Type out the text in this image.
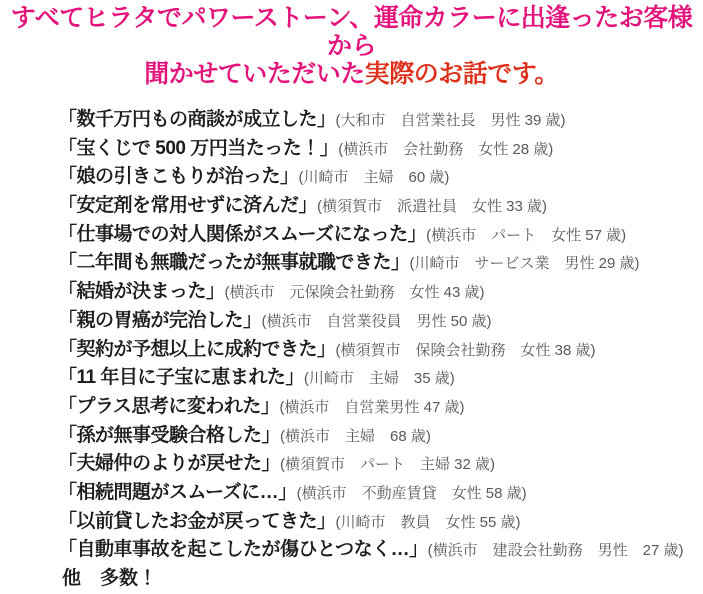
すべてヒラタでパワーストーン、運命カラーに出逢ったお客様から
聞かせていただいた実際のお話です。
「数千万円もの商談が成立した」(大和市　自営業社長　男性 39 歳)
「宝くじで 500 万円当たった！」(横浜市　会社勤務　女性 28 歳)
「娘の引きこもりが治った」(川崎市　主婦　60 歳)
「安定剤を常用せずに済んだ」(横須賀市　派遣社員　女性 33 歳)
「仕事場での対人関係がスムーズになった」(横浜市　パート　女性 57 歳)
「二年間も無職だったが無事就職できた」(川崎市　サービス業　男性 29 歳)
「結婚が決まった」(横浜市　元保険会社勤務　女性 43 歳)
「親の胃癌が完治した」(横浜市　自営業役員　男性 50 歳)
「契約が予想以上に成約できた」(横須賀市　保険会社勤務　女性 38 歳)
「11 年目に子宝に恵まれた」(川崎市　主婦　35 歳)
「プラス思考に変われた」(横浜市　自営業男性 47 歳)
「孫が無事受験合格した」(横浜市　主婦　68 歳)
「夫婦仲のよりが戻せた」(横須賀市　パート　主婦 32 歳)
「相続問題がスムーズに…」(横浜市　不動産賃貸　女性 58 歳)
「以前貸したお金が戻ってきた」(川崎市　教員　女性 55 歳)
「自動車事故を起こしたが傷ひとつなく…」(横浜市　建設会社勤務　男性　27 歳)
他　多数！
